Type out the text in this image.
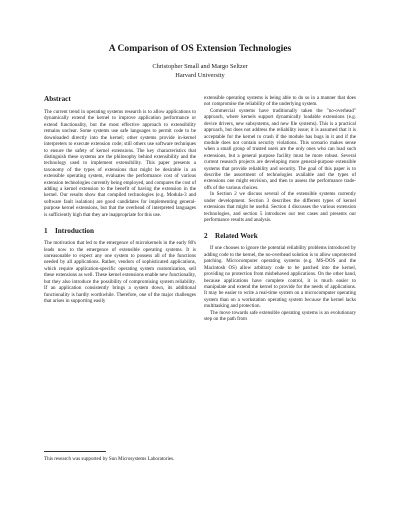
A Comparison of OS Extension Technologies
Christopher Small and Margo Seltzer
Harvard University
Abstract

The current trend in operating systems research is to allow applications to dynamically extend the kernel to improve application performance or extend functionality, but the most effective approach to extensibility remains unclear. Some systems use safe languages to permit code to be downloaded directly into the kernel; other systems provide in-kernel interpreters to execute extension code; still others use software techniques to ensure the safety of kernel extensions. The key characteristics that distinguish these systems are the philosophy behind extensibility and the technology used to implement extensibility. This paper presents a taxonomy of the types of extensions that might be desirable in an extensible operating system, evaluates the performance cost of various extension technologies currently being employed, and compares the cost of adding a kernel extension to the benefit of having the extension in the kernel. Our results show that compiled technologies (e.g. Modula-3 and software fault isolation) are good candidates for implementing general-purpose kernel extensions, but that the overhead of interpreted languages is sufficiently high that they are inappropriate for this use.

1 Introduction

The motivation that led to the emergence of microkernels in the early 80's leads now to the emergence of extensible operating systems. It is unreasonable to expect any one system to possess all of the functions needed by all applications. Rather, vendors of sophisticated applications, which require application-specific operating system customization, sell these extensions as well. These kernel extensions enable new functionality, but they also introduce the possibility of compromising system reliability. If an application consistently brings a system down, its additional functionality is hardly worthwhile. Therefore, one of the major challenges that arises in supporting easily

This research was supported by Sun Microsystems Laboratories.

extensible operating systems is being able to do so in a manner that does not compromise the reliability of the underlying system.

Commercial systems have traditionally taken the "no-overhead" approach, where kernels support dynamically loadable extensions (e.g. device drivers, new subsystems, and new file systems). This is a practical approach, but does not address the reliability issue; it is assumed that it is acceptable for the kernel to crash if the module has bugs in it and if the module does not contain security violations. This scenario makes sense when a small group of trusted users are the only ones who can load such extensions, but a general purpose facility must be more robust. Several current research projects are developing more general-purpose extensible systems that provide reliability and security. The goal of this paper is to describe the assortment of technologies available and the types of extensions one might envision, and then to assess the performance trade-offs of the various choices.

In Section 2 we discuss several of the extensible systems currently under development. Section 3 describes the different types of kernel extensions that might be useful. Section 4 discusses the various extension technologies, and section 5 introduces our test cases and presents our performance results and analysis.

2 Related Work

If one chooses to ignore the potential reliability problems introduced by adding code to the kernel, the no-overhead solution is to allow unprotected patching. Microcomputer operating systems (e.g. MS-DOS and the Macintosh OS) allow arbitrary code to be patched into the kernel, providing no protection from misbehaved applications. On the other hand, because applications have complete control, it is much easier to manipulate and extend the kernel to provide for the needs of applications. It may be easier to write a real-time system on a microcomputer operating system than on a workstation operating system because the kernel lacks multitasking and protection.

The move towards safe extensible operating systems is an evolutionary step on the path from
